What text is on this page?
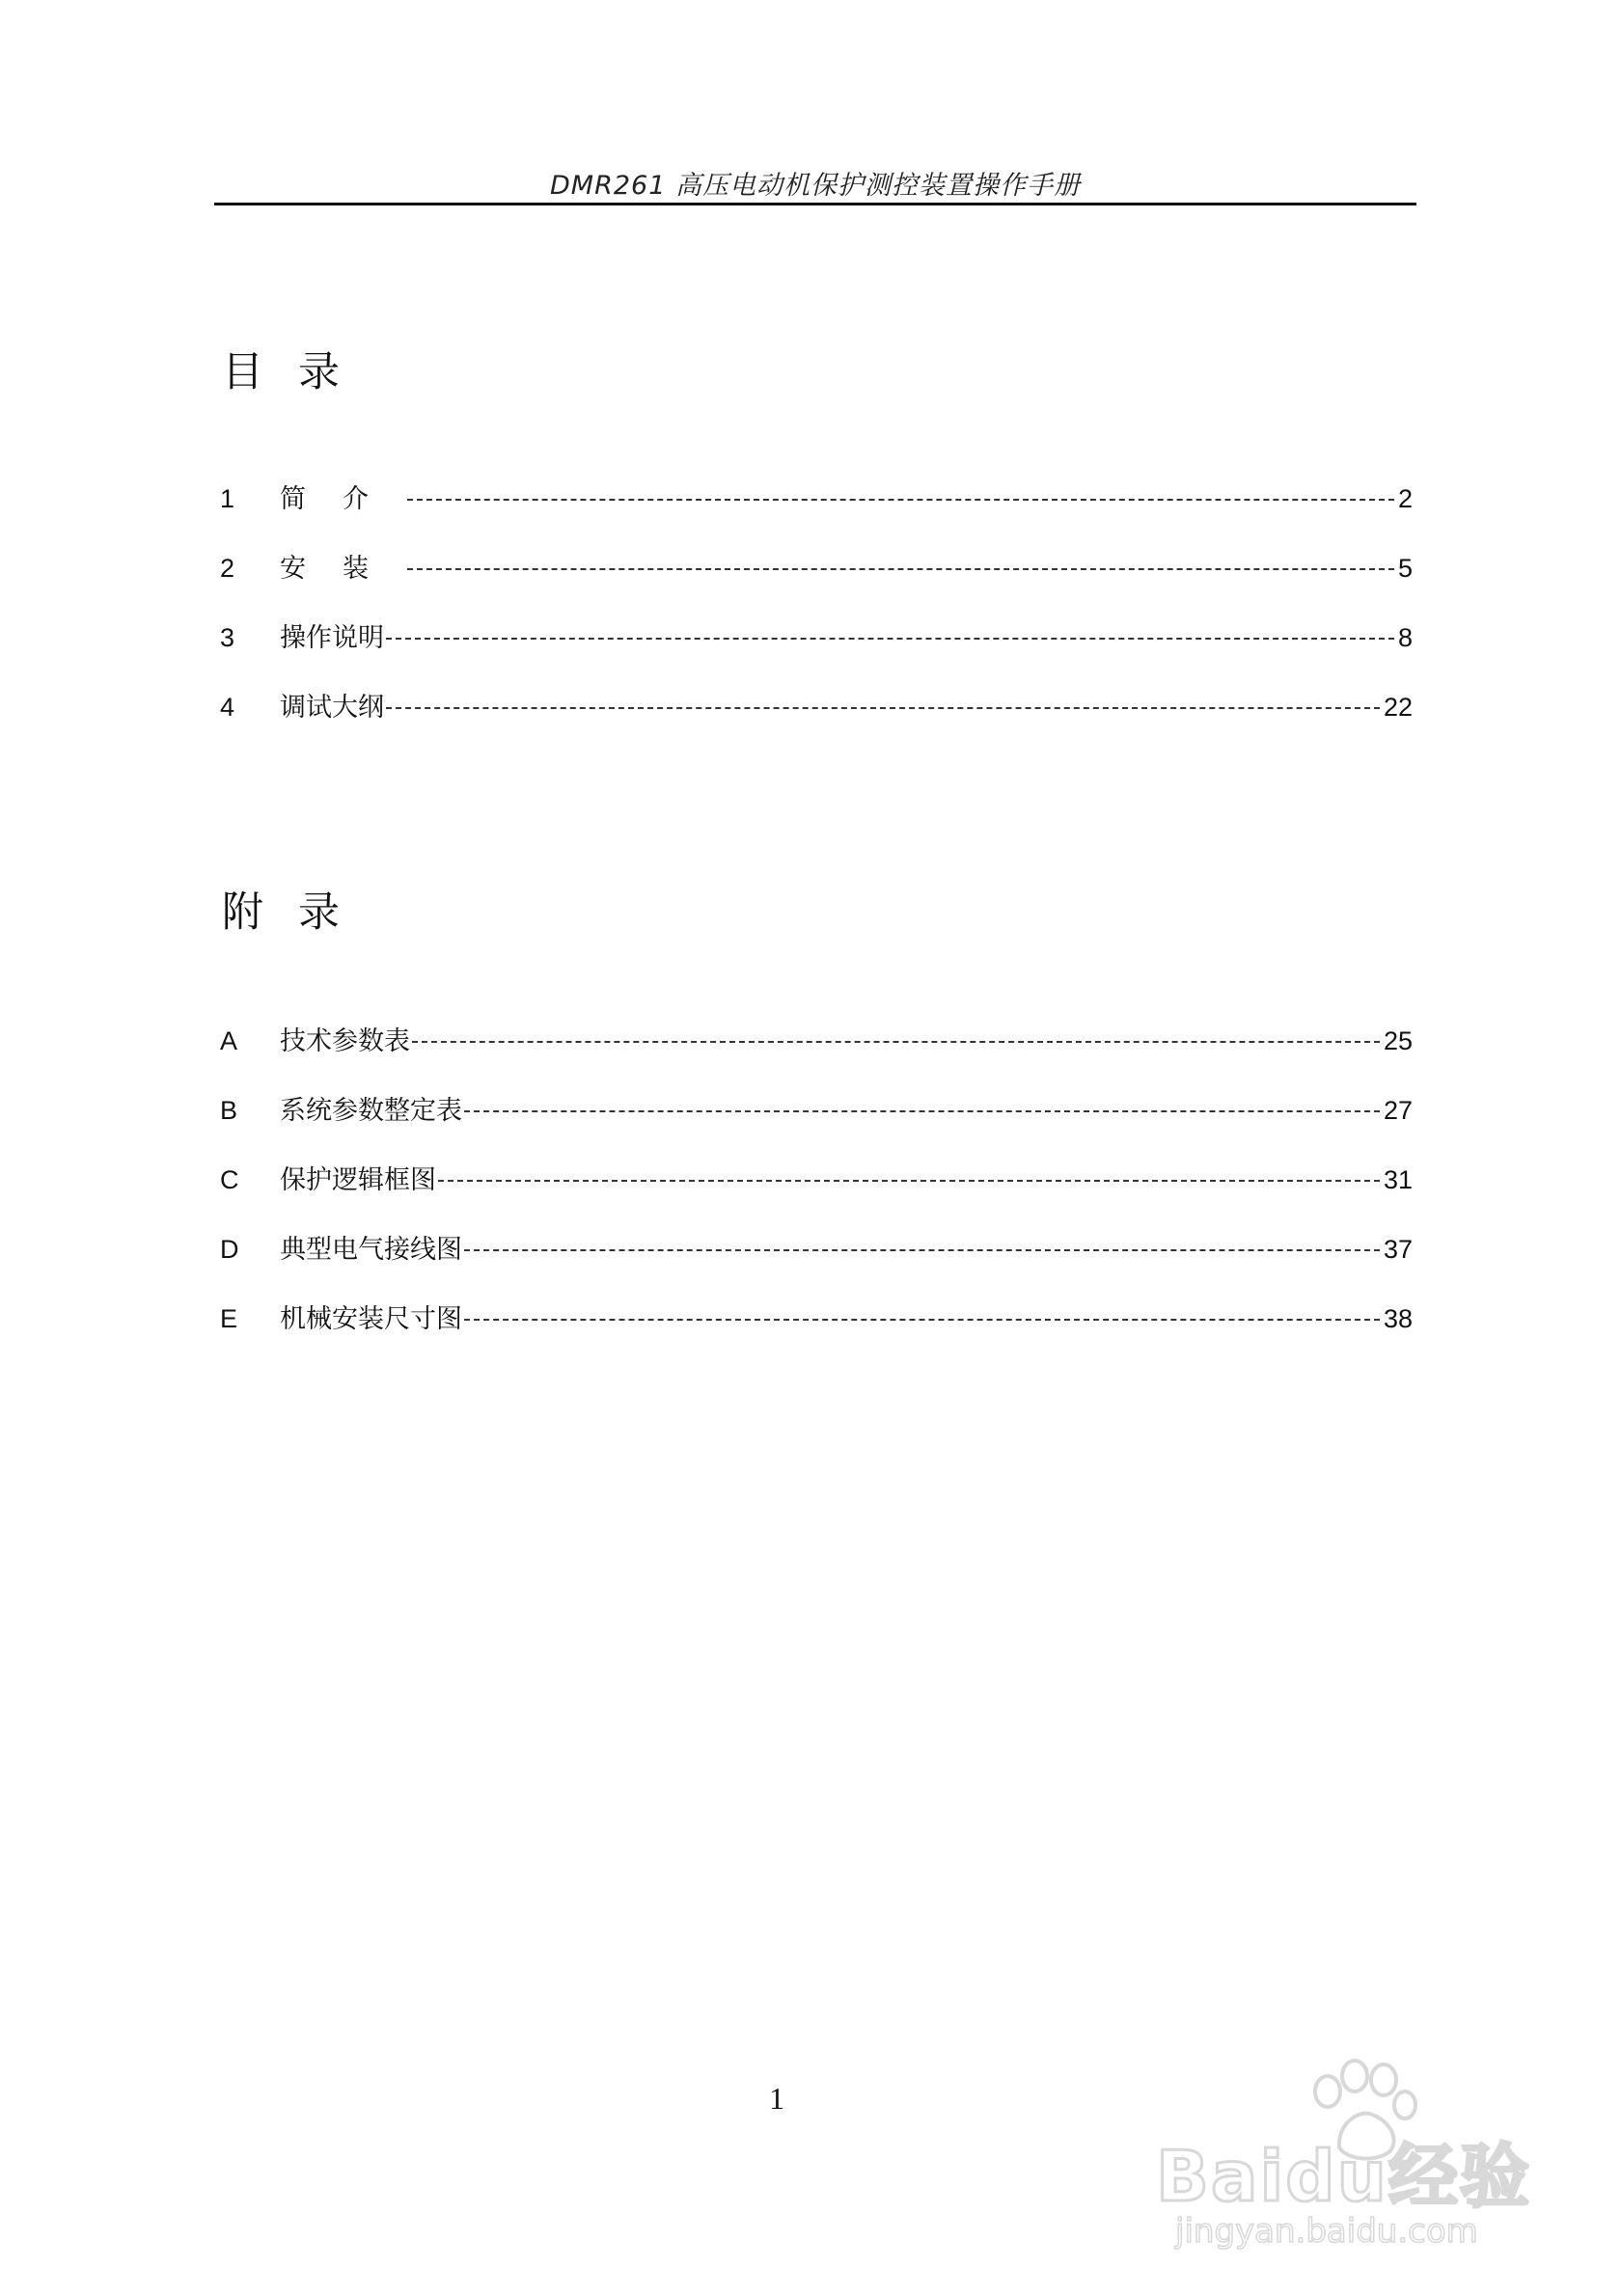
DMR261 高压电动机保护测控装置操作手册
目录
1	简介	2
2	安装	5
3	操作说明	8
4	调试大纲	22
附录
A	技术参数表	25
B	系统参数整定表	27
C	保护逻辑框图	31
D	典型电气接线图	37
E	机械安装尺寸图	38
1
Baidu经验
jingyan.baidu.com
